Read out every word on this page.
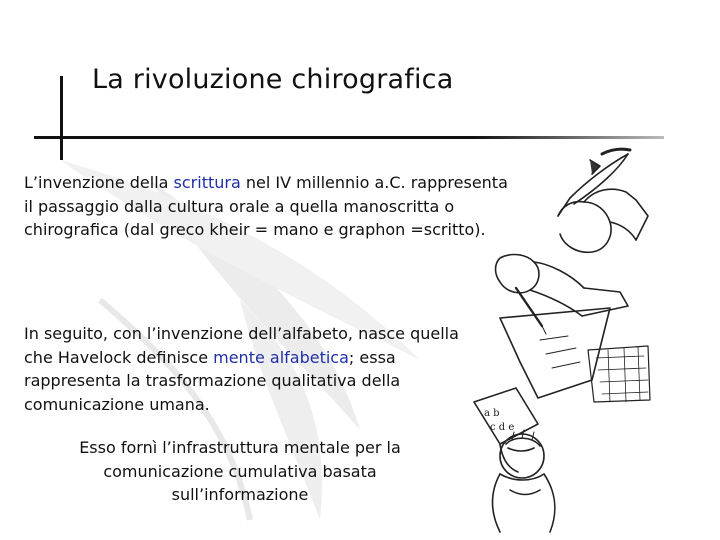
La rivoluzione chirografica
L’invenzione della scrittura nel IV millennio a.C. rappresenta il passaggio dalla cultura orale a quella manoscritta o chirografica (dal greco kheir = mano e graphon =scritto).
In seguito, con l’invenzione dell’alfabeto, nasce quella che Havelock definisce mente alfabetica; essa rappresenta la trasformazione qualitativa della comunicazione umana.
Esso fornì l’infrastruttura mentale per la comunicazione cumulativa basata sull’informazione
a b
c d e
